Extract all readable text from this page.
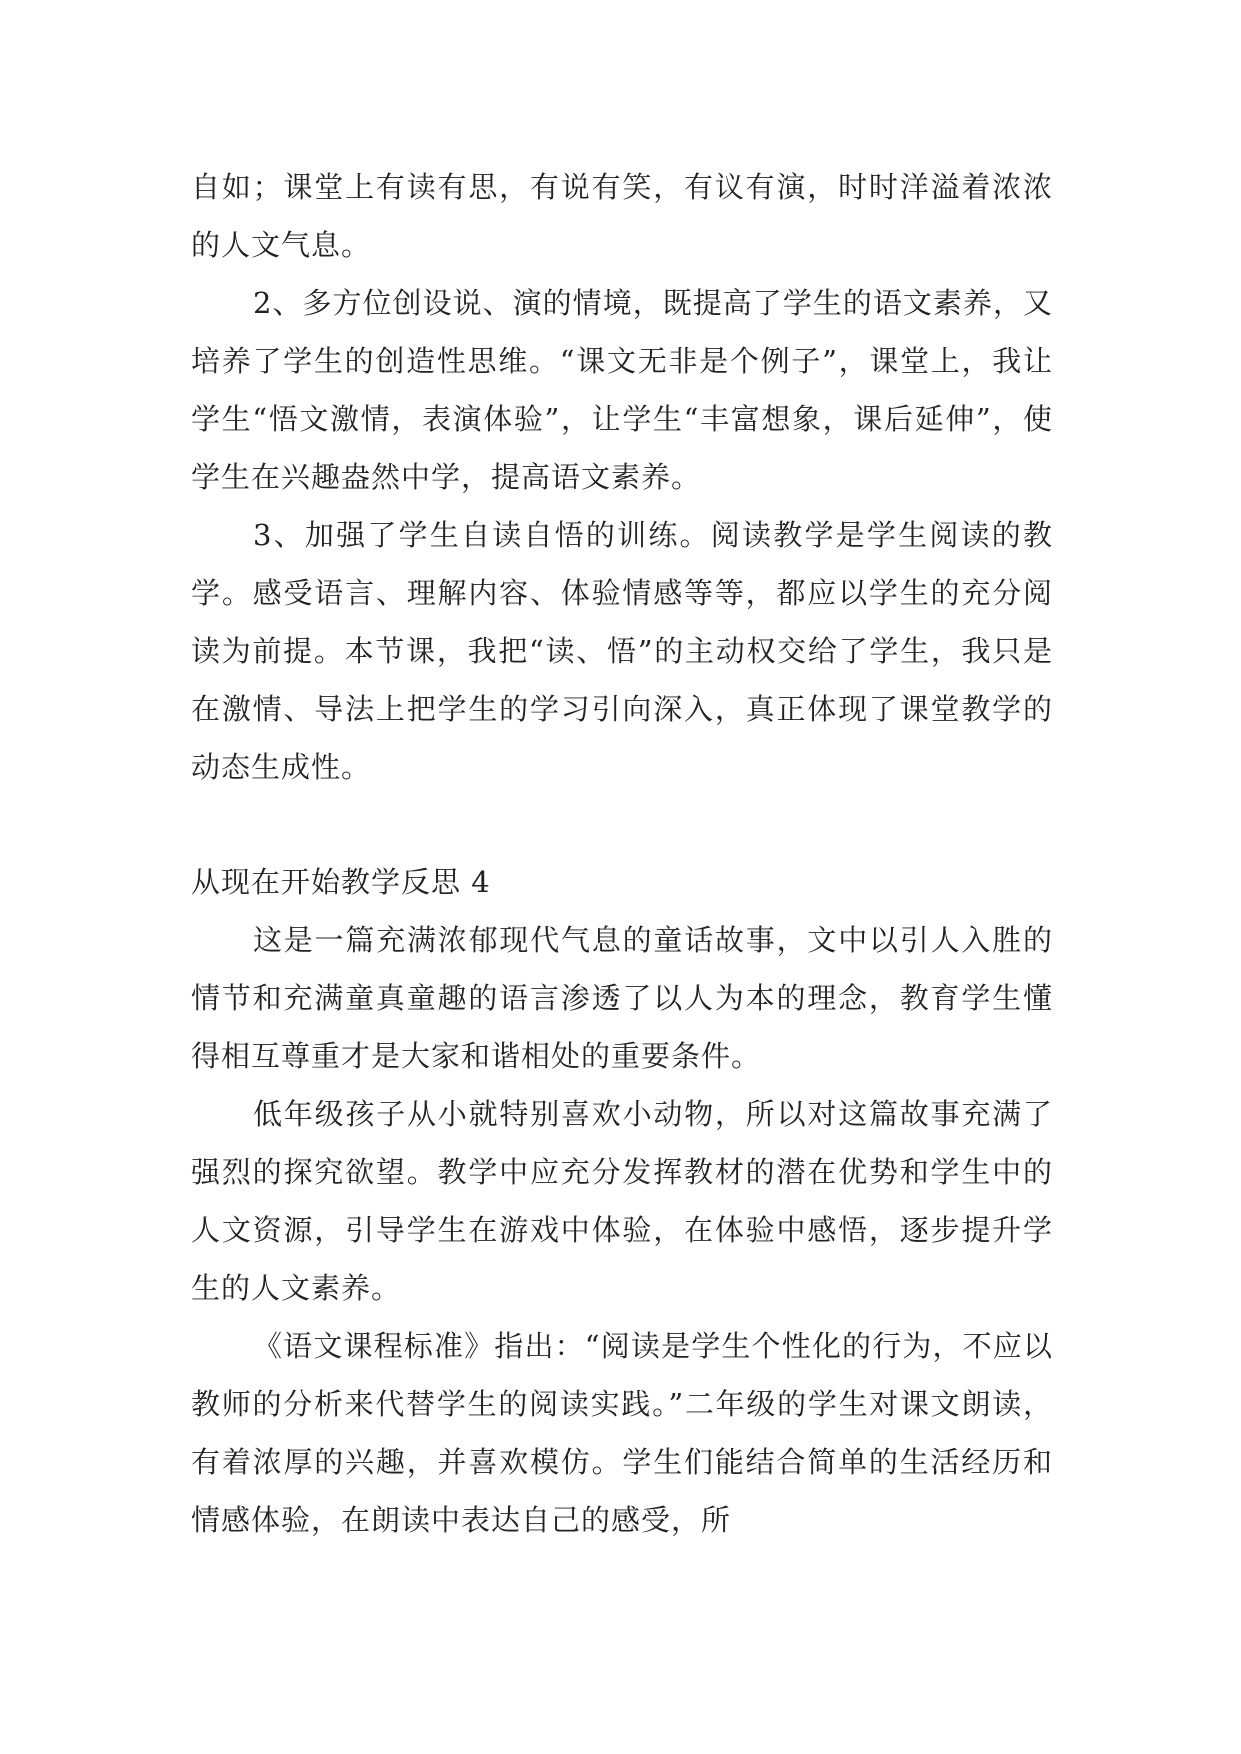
自如；课堂上有读有思，有说有笑，有议有演，时时洋溢着浓浓的人文气息。

2、多方位创设说、演的情境，既提高了学生的语文素养，又培养了学生的创造性思维。“课文无非是个例子”，课堂上，我让学生“悟文激情，表演体验”，让学生“丰富想象，课后延伸”，使学生在兴趣盎然中学，提高语文素养。

3、加强了学生自读自悟的训练。阅读教学是学生阅读的教学。感受语言、理解内容、体验情感等等，都应以学生的充分阅读为前提。本节课，我把“读、悟”的主动权交给了学生，我只是在激情、导法上把学生的学习引向深入，真正体现了课堂教学的动态生成性。

从现在开始教学反思 4

这是一篇充满浓郁现代气息的童话故事，文中以引人入胜的情节和充满童真童趣的语言渗透了以人为本的理念，教育学生懂得相互尊重才是大家和谐相处的重要条件。

低年级孩子从小就特别喜欢小动物，所以对这篇故事充满了强烈的探究欲望。教学中应充分发挥教材的潜在优势和学生中的人文资源，引导学生在游戏中体验，在体验中感悟，逐步提升学生的人文素养。

《语文课程标准》指出：“阅读是学生个性化的行为，不应以教师的分析来代替学生的阅读实践。”二年级的学生对课文朗读，有着浓厚的兴趣，并喜欢模仿。学生们能结合简单的生活经历和情感体验，在朗读中表达自己的感受，所
